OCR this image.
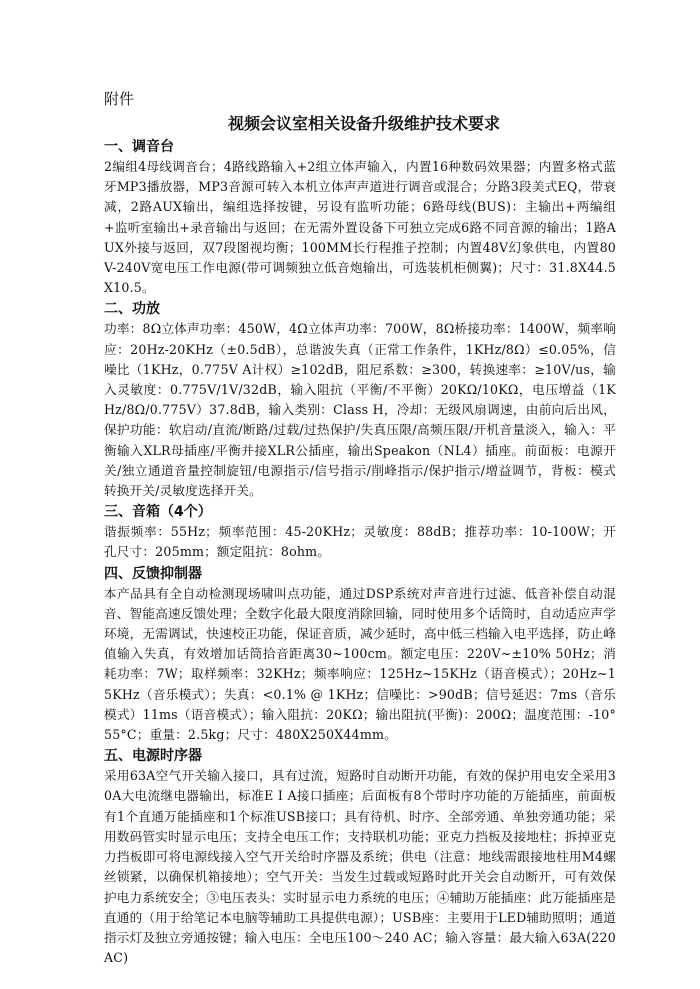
附件
视频会议室相关设备升级维护技术要求
一、调音台

2编组4母线调音台；4路线路输入+2组立体声输入，内置16种数码效果器；内置多格式蓝牙MP3播放器，MP3音源可转入本机立体声声道进行调音或混合；分路3段美式EQ，带衰减，2路AUX输出，编组选择按键，另设有监听功能；6路母线(BUS)：主输出+两编组+监听室输出+录音输出与返回；在无需外置设备下可独立完成6路不同音源的输出；1路AUX外接与返回，双7段图视均衡；100MM长行程推子控制；内置48V幻象供电，内置80V-240V宽电压工作电源(带可调频独立低音炮输出，可选装机柜侧翼)；尺寸：31.8X44.5X10.5。

二、功放

功率：8Ω立体声功率：450W，4Ω立体声功率：700W，8Ω桥接功率：1400W，频率响应：20Hz-20KHz（±0.5dB），总谐波失真（正常工作条件，1KHz/8Ω）≤0.05%，信噪比（1KHz，0.775V A计权）≥102dB，阻尼系数：≥300，转换速率：≥10V/us，输入灵敏度：0.775V/1V/32dB，输入阻抗（平衡/不平衡）20KΩ/10KΩ，电压增益（1KHz/8Ω/0.775V）37.8dB，输入类别：Class H，冷却：无级风扇调速，由前向后出风，保护功能：软启动/直流/断路/过载/过热保护/失真压限/高频压限/开机音量淡入，输入：平衡输入XLR母插座/平衡并接XLR公插座，输出Speakon（NL4）插座。前面板：电源开关/独立通道音量控制旋钮/电源指示/信号指示/削峰指示/保护指示/增益调节，背板：模式转换开关/灵敏度选择开关。

三、音箱（4个）

谐振频率：55Hz；频率范围：45-20KHz；灵敏度：88dB；推荐功率：10-100W；开孔尺寸：205mm；额定阻抗：8ohm。

四、反馈抑制器

本产品具有全自动检测现场啸叫点功能，通过DSP系统对声音进行过滤、低音补偿自动混音、智能高速反馈处理；全数字化最大限度消除回输，同时使用多个话筒时，自动适应声学环境，无需调试，快速校正功能，保证音质，减少延时，高中低三档输入电平选择，防止峰值输入失真，有效增加话筒拾音距离30~100cm。额定电压：220V~±10% 50Hz；消耗功率：7W；取样频率：32KHz；频率响应：125Hz~15KHz（语音模式）；20Hz~15KHz（音乐模式）；失真：<0.1% @ 1KHz；信噪比：>90dB；信号延迟：7ms（音乐模式）11ms（语音模式）；输入阻抗：20KΩ；输出阻抗(平衡)：200Ω；温度范围：-10°55°C；重量：2.5kg；尺寸：480X250X44mm。

五、电源时序器

采用63A空气开关输入接口，具有过流，短路时自动断开功能，有效的保护用电安全采用30A大电流继电器输出，标准E I A接口插座；后面板有8个带时序功能的万能插座，前面板有1个直通万能插座和1个标准USB接口；具有待机、时序、全部旁通、单独旁通功能；采用数码管实时显示电压；支持全电压工作；支持联机功能；亚克力挡板及接地柱；拆掉亚克力挡板即可将电源线接入空气开关给时序器及系统；供电（注意：地线需跟接地柱用M4螺丝锁紧，以确保机箱接地）；空气开关：当发生过载或短路时此开关会自动断开，可有效保护电力系统安全；③电压表头：实时显示电力系统的电压；④辅助万能插座：此万能插座是直通的（用于给笔记本电脑等辅助工具提供电源）；USB座：主要用于LED辅助照明；通道指示灯及独立旁通按键；输入电压：全电压100～240 AC；输入容量：最大输入63A(220 AC)
